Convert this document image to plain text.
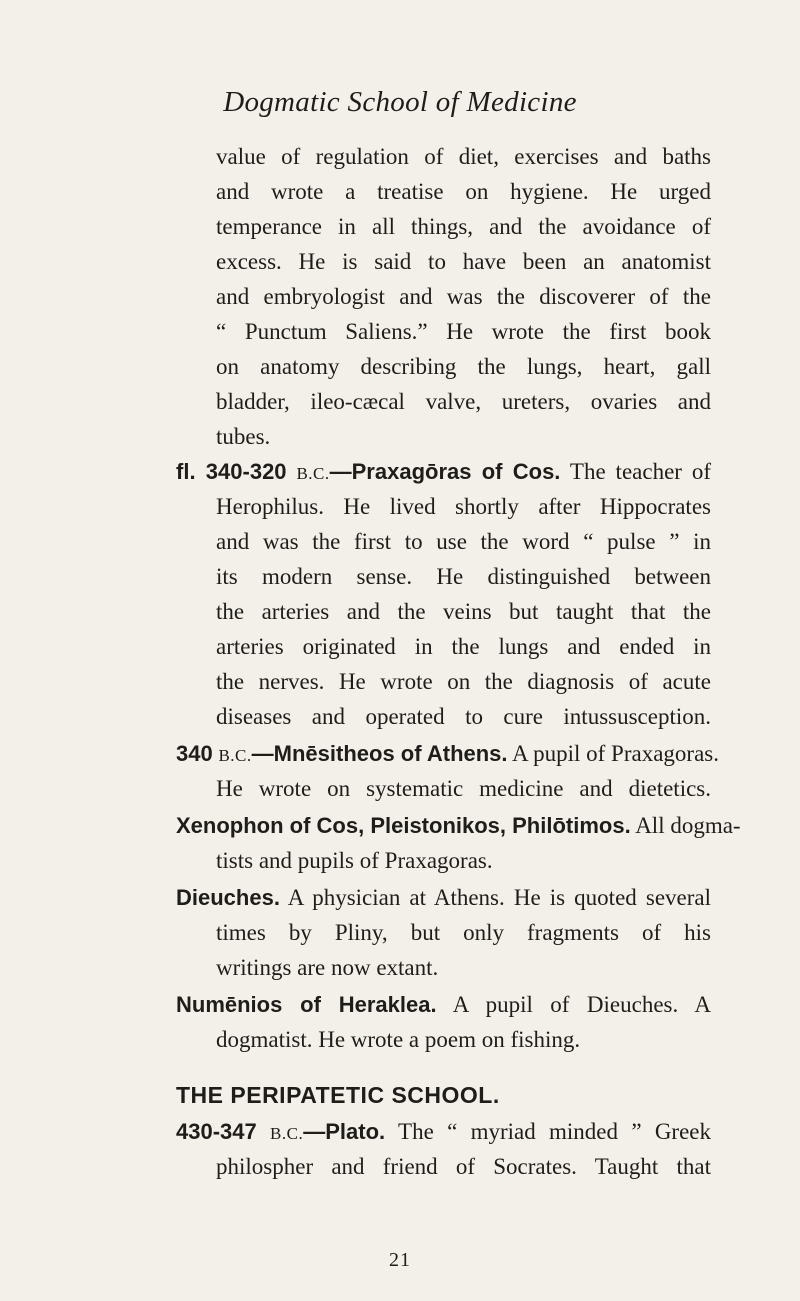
Dogmatic School of Medicine
value of regulation of diet, exercises and baths
and wrote a treatise on hygiene. He urged
temperance in all things, and the avoidance of
excess. He is said to have been an anatomist
and embryologist and was the discoverer of the
“ Punctum Saliens.” He wrote the first book
on anatomy describing the lungs, heart, gall
bladder, ileo-cæcal valve, ureters, ovaries and
tubes.
fl. 340-320 B.C.—Praxagōras of Cos. The teacher of
Herophilus. He lived shortly after Hippocrates
and was the first to use the word “ pulse ” in
its modern sense. He distinguished between
the arteries and the veins but taught that the
arteries originated in the lungs and ended in
the nerves. He wrote on the diagnosis of acute
diseases and operated to cure intussusception.
340 B.C.—Mnēsitheos of Athens. A pupil of Praxagoras.
He wrote on systematic medicine and dietetics.
Xenophon of Cos, Pleistonikos, Philōtimos. All dogma-
tists and pupils of Praxagoras.
Dieuches. A physician at Athens. He is quoted several
times by Pliny, but only fragments of his
writings are now extant.
Numēnios of Heraklea. A pupil of Dieuches. A
dogmatist. He wrote a poem on fishing.
THE PERIPATETIC SCHOOL.
430-347 B.C.—Plato. The “ myriad minded ” Greek
philospher and friend of Socrates. Taught that
21
